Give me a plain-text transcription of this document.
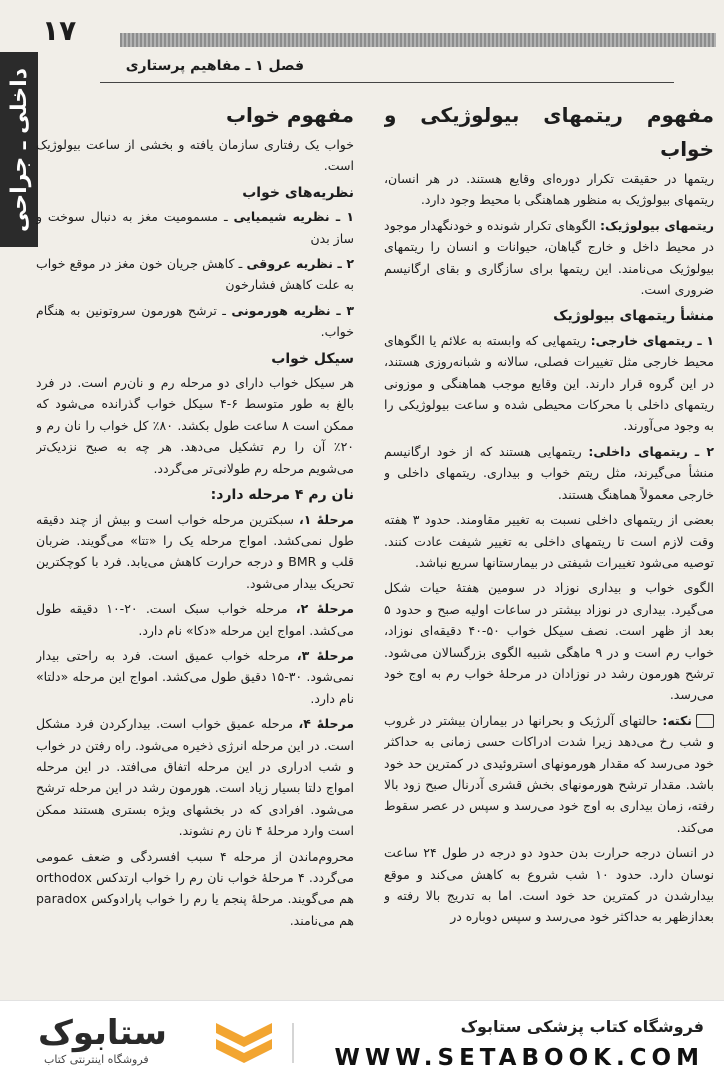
۱۷
فصل ۱ ـ مفاهیم پرستاری
داخلی ـ جراحی	مفهوم ریتمهای بیولوژیکی و خواب

ریتمها در حقیقت تکرار دوره‌ای وقایع هستند. در هر انسان، ریتمهای بیولوژیک به منظور هماهنگی با محیط وجود دارد.

ریتمهای بیولوژیک: الگوهای تکرار شونده و خودنگهدار موجود در محیط داخل و خارج گیاهان، حیوانات و انسان را ریتمهای بیولوژیک می‌نامند. این ریتمها برای سازگاری و بقای ارگانیسم ضروری است.

منشأ ریتمهای بیولوژیک

۱ ـ ریتمهای خارجی: ریتمهایی که وابسته به علائم یا الگوهای محیط خارجی مثل تغییرات فصلی، سالانه و شبانه‌روزی هستند، در این گروه قرار دارند. این وقایع موجب هماهنگی و موزونی ریتمهای داخلی با محرکات محیطی شده و ساعت بیولوژیکی را به وجود می‌آورند.

۲ ـ ریتمهای داخلی: ریتمهایی هستند که از خود ارگانیسم منشأ می‌گیرند، مثل ریتم خواب و بیداری. ریتمهای داخلی و خارجی معمولاً هماهنگ هستند.

بعضی از ریتمهای داخلی نسبت به تغییر مقاومند. حدود ۳ هفته وقت لازم است تا ریتمهای داخلی به تغییر شیفت عادت کنند. توصیه می‌شود تغییرات شیفتی در بیمارستانها سریع نباشد.

الگوی خواب و بیداری نوزاد در سومین هفتهٔ حیات شکل می‌گیرد. بیداری در نوزاد بیشتر در ساعات اولیه صبح و حدود ۵ بعد از ظهر است. نصف سیکل خواب ۵۰-۴۰ دقیقه‌ای نوزاد، خواب رم است و در ۹ ماهگی شبیه الگوی بزرگسالان می‌شود. ترشح هورمون رشد در نوزادان در مرحلهٔ خواب رم به اوج خود می‌رسد.

نکته: حالتهای آلرژیک و بحرانها در بیماران بیشتر در غروب و شب رخ می‌دهد زیرا شدت ادراکات حسی زمانی به حداکثر خود می‌رسد که مقدار هورمونهای استروئیدی در کمترین حد خود باشد. مقدار ترشح هورمونهای بخش قشری آدرنال صبح زود بالا رفته، زمان بیداری به اوج خود می‌رسد و سپس در عصر سقوط می‌کند.

در انسان درجه حرارت بدن حدود دو درجه در طول ۲۴ ساعت نوسان دارد. حدود ۱۰ شب شروع به کاهش می‌کند و موقع بیدارشدن در کمترین حد خود است. اما به تدریج بالا رفته و بعدازظهر به حداکثر خود می‌رسد و سپس دوباره در

مفهوم خواب

خواب یک رفتاری سازمان یافته و بخشی از ساعت بیولوژیک است.

نظریه‌های خواب

۱ ـ نظریه شیمیایی ـ مسمومیت مغز به دنبال سوخت و ساز بدن

۲ ـ نظریه عروقی ـ کاهش جریان خون مغز در موقع خواب به علت کاهش فشارخون

۳ ـ نظریه هورمونی ـ ترشح هورمون سروتونین به هنگام خواب.

سیکل خواب

هر سیکل خواب دارای دو مرحله رم و نان‌رم است. در فرد بالغ به طور متوسط ۶-۴ سیکل خواب گذرانده می‌شود که ممکن است ۸ ساعت طول بکشد. ۸۰٪ کل خواب را نان رم و ۲۰٪ آن را رم تشکیل می‌دهد. هر چه به صبح نزدیک‌تر می‌شویم مرحله رم طولانی‌تر می‌گردد.

نان رم ۴ مرحله دارد:

مرحلهٔ ۱، سبکترین مرحله خواب است و بیش از چند دقیقه طول نمی‌کشد. امواج مرحله یک را «تتا» می‌گویند. ضربان قلب و BMR و درجه حرارت کاهش می‌یابد. فرد با کوچکترین تحریک بیدار می‌شود.

مرحلهٔ ۲، مرحله خواب سبک است. ۲۰-۱۰ دقیقه طول می‌کشد. امواج این مرحله «دکا» نام دارد.

مرحلهٔ ۳، مرحله خواب عمیق است. فرد به راحتی بیدار نمی‌شود. ۳۰-۱۵ دقیق طول می‌کشد. امواج این مرحله «دلتا» نام دارد.

مرحلهٔ ۴، مرحله عمیق خواب است. بیدارکردن فرد مشکل است. در این مرحله انرژی ذخیره می‌شود. راه رفتن در خواب و شب ادراری در این مرحله اتفاق می‌افتد. در این مرحله امواج دلتا بسیار زیاد است. هورمون رشد در این مرحله ترشح می‌شود. افرادی که در بخشهای ویژه بستری هستند ممکن است وارد مرحلهٔ ۴ نان رم نشوند.

محروم‌ماندن از مرحله ۴ سبب افسردگی و ضعف عمومی می‌گردد. ۴ مرحلهٔ خواب نان رم را خواب ارتدکس orthodox هم می‌گویند. مرحلهٔ پنجم یا رم را خواب پارادوکس paradox هم می‌نامند.

ستابوک
فروشگاه اینترنتی کتاب
فروشگاه کتاب پزشکی ستابوک
WWW.SETABOOK.COM
